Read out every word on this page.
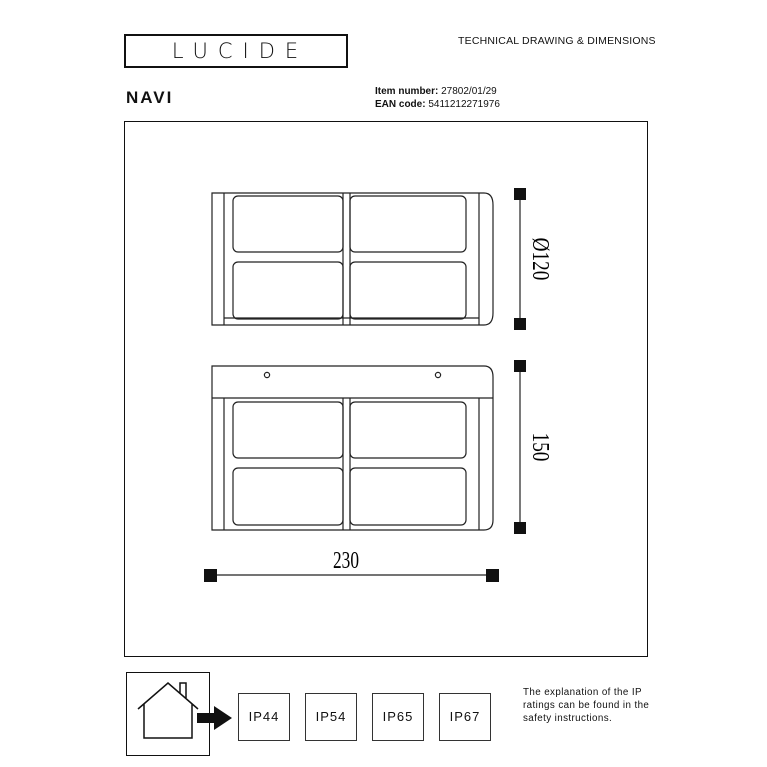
LUCIDE	TECHNICAL DRAWING & DIMENSIONS
NAVI	Item number: 27802/01/29
EAN code: 5411212271976
230
Ø120
150
IP44	IP54	IP65	IP67
The explanation of the IP ratings can be found in the safety instructions.
